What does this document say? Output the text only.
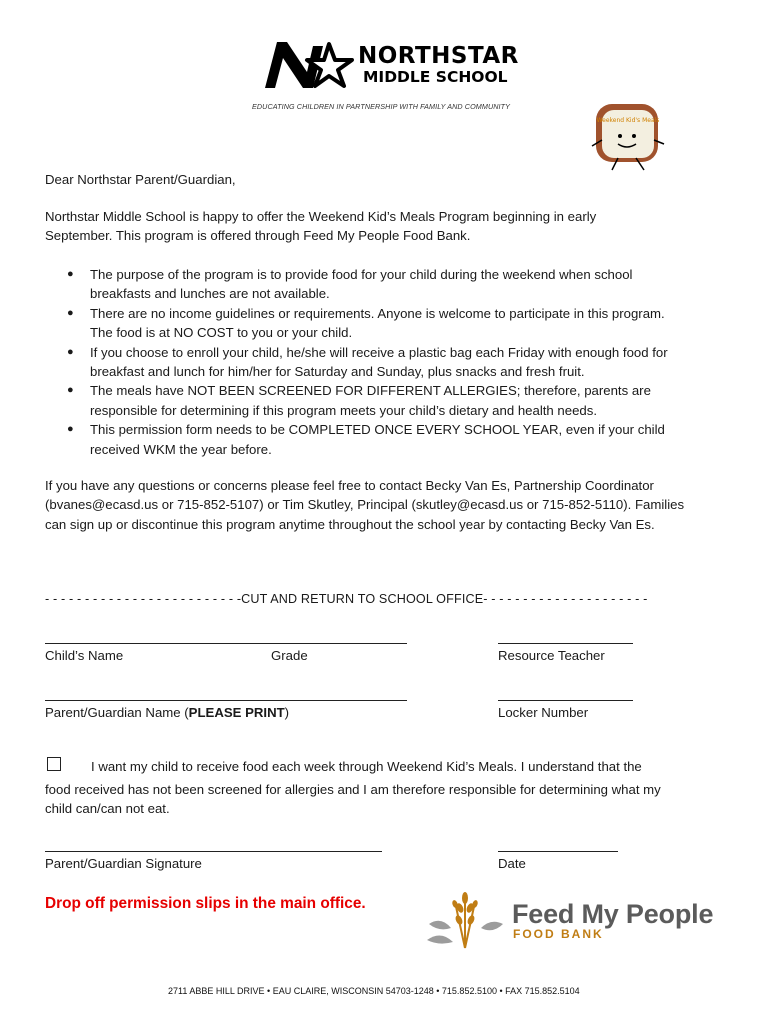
NORTHSTAR
MIDDLE SCHOOL
EDUCATING CHILDREN IN PARTNERSHIP WITH FAMILY AND COMMUNITY
Weekend Kid's Meals
Dear Northstar Parent/Guardian,
Northstar Middle School is happy to offer the Weekend Kid’s Meals Program beginning in early September. This program is offered through Feed My People Food Bank.
● The purpose of the program is to provide food for your child during the weekend when school breakfasts and lunches are not available.
● There are no income guidelines or requirements. Anyone is welcome to participate in this program. The food is at NO COST to you or your child.
● If you choose to enroll your child, he/she will receive a plastic bag each Friday with enough food for breakfast and lunch for him/her for Saturday and Sunday, plus snacks and fresh fruit.
● The meals have NOT BEEN SCREENED FOR DIFFERENT ALLERGIES; therefore, parents are responsible for determining if this program meets your child’s dietary and health needs.
● This permission form needs to be COMPLETED ONCE EVERY SCHOOL YEAR, even if your child received WKM the year before.
If you have any questions or concerns please feel free to contact Becky Van Es, Partnership Coordinator (bvanes@ecasd.us or 715-852-5107) or Tim Skutley, Principal (skutley@ecasd.us or 715-852-5110). Families can sign up or discontinue this program anytime throughout the school year by contacting Becky Van Es.
- - - - - - - - - - - - - - - - - - - - - - - - -CUT AND RETURN TO SCHOOL OFFICE- - - - - - - - - - - - - - - - - - - - -
Child’s Name	Grade	Resource Teacher
Parent/Guardian Name (PLEASE PRINT)	Locker Number
I want my child to receive food each week through Weekend Kid’s Meals. I understand that the
food received has not been screened for allergies and I am therefore responsible for determining what my child can/can not eat.
Parent/Guardian Signature	Date
Drop off permission slips in the main office.	Feed My People
FOOD BANK
2711 ABBE HILL DRIVE • EAU CLAIRE, WISCONSIN 54703-1248 • 715.852.5100 • FAX 715.852.5104
